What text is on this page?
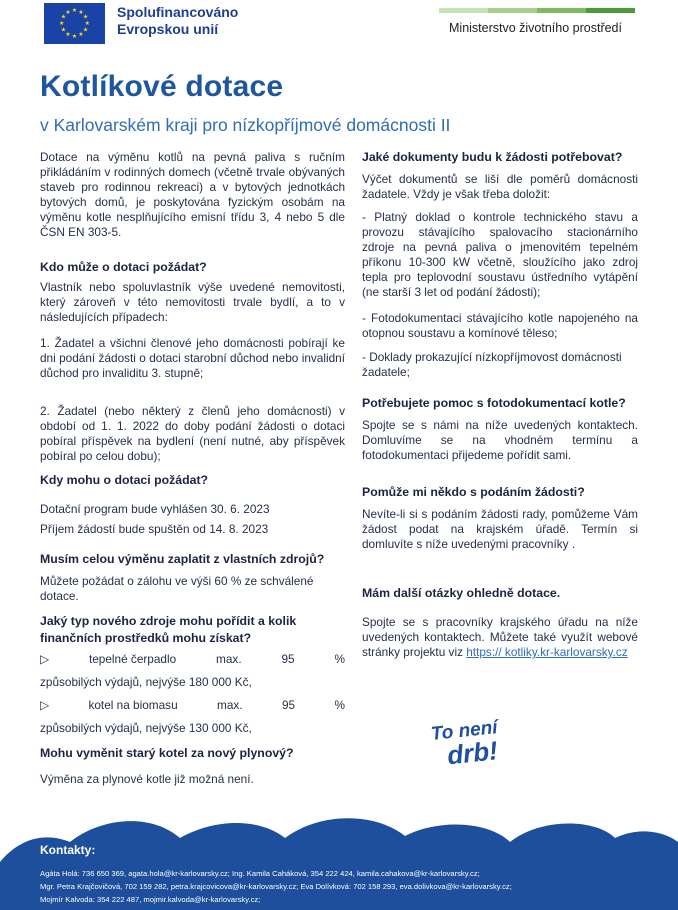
★ ★
★
★
★
★
★
★
★
★
★
★	Spolufinancováno
Evropskou unií	Ministerstvo životního prostředí
Kotlíkové dotace
v Karlovarském kraji pro nízkopříjmové domácnosti II
Dotace na výměnu kotlů na pevná paliva s ručním přikládáním v rodinných domech (včetně trvale obývaných staveb pro rodinnou rekreaci) a v bytových jednotkách bytových domů, je poskytována fyzickým osobám na výměnu kotle nesplňujícího emisní třídu 3, 4 nebo 5 dle ČSN EN 303-5.
Kdo může o dotaci požádat?
Vlastník nebo spoluvlastník výše uvedené nemovitosti, který zároveň v této nemovitosti trvale bydlí, a to v následujících případech:
1. Žadatel a všichni členové jeho domácnosti pobírají ke dni podání žádosti o dotaci starobní důchod nebo invalidní důchod pro invaliditu 3. stupně;
2. Žadatel (nebo některý z členů jeho domácnosti) v období od 1. 1. 2022 do doby podání žádosti o dotaci pobíral příspěvek na bydlení (není nutné, aby příspěvek pobíral po celou dobu);
Kdy mohu o dotaci požádat?
Dotační program bude vyhlášen 30. 6. 2023
Příjem žádostí bude spuštěn od 14. 8. 2023
Musím celou výměnu zaplatit z vlastních zdrojů?
Můžete požádat o zálohu ve výši 60 % ze schválené dotace.
Jaký typ nového zdroje mohu pořídit a kolik finančních prostředků mohu získat?
▷	tepelné čerpadlo	max.	95	%
způsobilých výdajů, nejvýše 180 000 Kč,
▷	kotel na biomasu	max.	95	%
způsobilých výdajů, nejvýše 130 000 Kč,
Mohu vyměnit starý kotel za nový plynový?
Výměna za plynové kotle již možná není.
Jaké dokumenty budu k žádosti potřebovat?
Výčet dokumentů se liší dle poměrů domácnosti žadatele. Vždy je však třeba doložit:
- Platný doklad o kontrole technického stavu a provozu stávajícího spalovacího stacionárního zdroje na pevná paliva o jmenovitém tepelném příkonu 10-300 kW včetně, sloužícího jako zdroj tepla pro teplovodní soustavu ústředního vytápění (ne starší 3 let od podání žádosti);
- Fotodokumentaci stávajícího kotle napojeného na otopnou soustavu a komínové těleso;
- Doklady prokazující nízkopříjmovost domácnosti žadatele;
Potřebujete pomoc s fotodokumentací kotle?
Spojte se s námi na níže uvedených kontaktech. Domluvíme se na vhodném termínu a fotodokumentaci přijedeme pořídit sami.
Pomůže mi někdo s podáním žádosti?
Nevíte-li si s podáním žádosti rady, pomůžeme Vám žádost podat na krajském úřadě. Termín si domluvíte s níže uvedenými pracovníky .
Mám další otázky ohledně dotace.
Spojte se s pracovníky krajského úřadu na níže uvedených kontaktech. Můžete také využít webové stránky projektu viz https:// kotliky.kr-karlovarsky.cz
To není
drb!
Kontakty:
Agáta Holá: 736 650 369, agata.hola@kr-karlovarsky.cz; Ing. Kamila Caháková, 354 222 424, kamila.cahakova@kr-karlovarsky.cz;
Mgr. Petra Krajčovičová, 702 159 282, petra.krajcovicova@kr-karlovarsky.cz; Eva Dolívková: 702 158 293, eva.dolivkova@kr-karlovarsky.cz;
Mojmír Kalvoda: 354 222 487, mojmir.kalvoda@kr-karlovarsky.cz;
